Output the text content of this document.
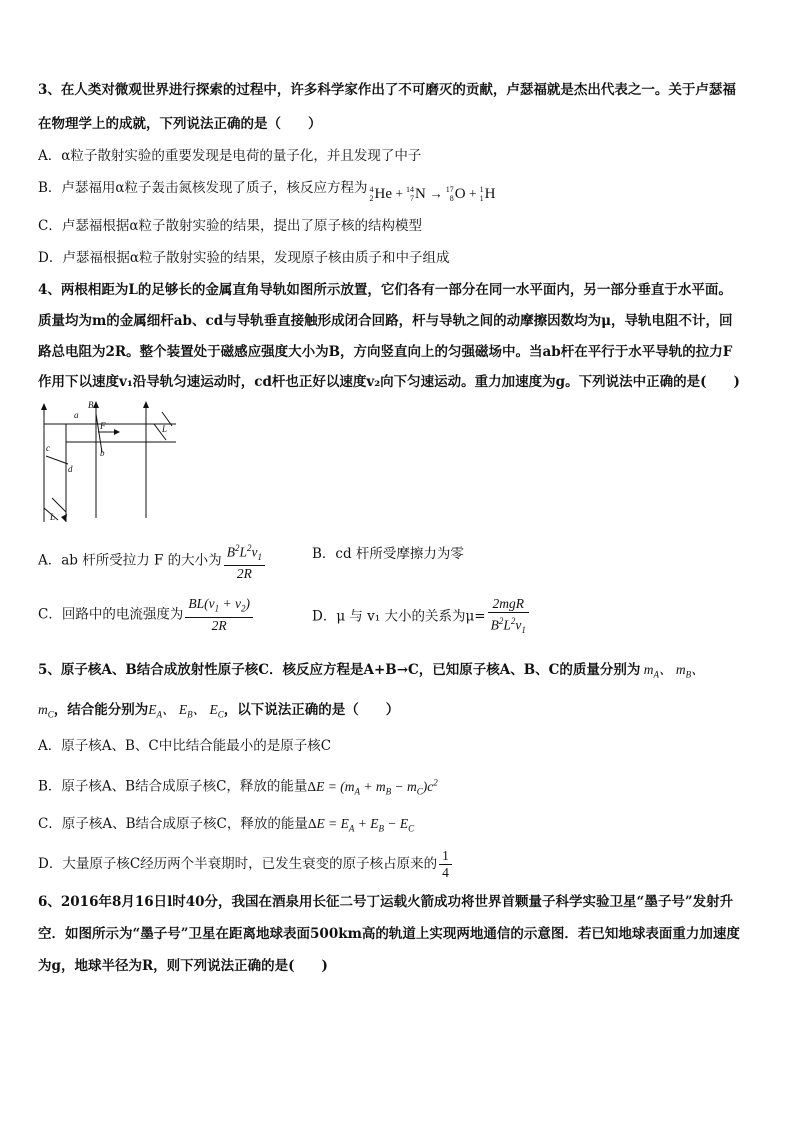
3、在人类对微观世界进行探索的过程中，许多科学家作出了不可磨灭的贡献，卢瑟福就是杰出代表之一。关于卢瑟福
在物理学上的成就，下列说法正确的是（　　）
A．α粒子散射实验的重要发现是电荷的量子化，并且发现了中子
B．卢瑟福用α粒子轰击氮核发现了质子，核反应方程为 4
2 He + 14
7 N → 17
8 O + 1
1 H
C．卢瑟福根据α粒子散射实验的结果，提出了原子核的结构模型
D．卢瑟福根据α粒子散射实验的结果，发现原子核由质子和中子组成
4、两根相距为L的足够长的金属直角导轨如图所示放置，它们各有一部分在同一水平面内，另一部分垂直于水平面。
质量均为m的金属细杆ab、cd与导轨垂直接触形成闭合回路，杆与导轨之间的动摩擦因数均为μ，导轨电阻不计，回
路总电阻为2R。整个装置处于磁感应强度大小为B，方向竖直向上的匀强磁场中。当ab杆在平行于水平导轨的拉力F
作用下以速度v₁沿导轨匀速运动时，cd杆也正好以速度v₂向下匀速运动。重力加速度为g。下列说法中正确的是(　　)
B
a
F	L
b
c
d
L
A．ab 杆所受拉力 F 的大小为 $\frac{B^2L^2v_1}{2R}$	B．cd 杆所受摩擦力为零
C．回路中的电流强度为 $\frac{BL(v_1 + v_2)}{2R}$	D．μ 与 v₁ 大小的关系为$\mu= \frac{\text{2mgR}}{B^2L^2v_1}$
5、原子核A、B结合成放射性原子核C．核反应方程是A+B→C，已知原子核A、B、C的质量分别为 $m_A$、 $m_B$、
$m_C$，结合能分别为$E_A$、 $E_B$、 $E_C$，以下说法正确的是（　　）
A．原子核A、B、C中比结合能最小的是原子核C
B．原子核A、B结合成原子核C，释放的能量$\Delta E = (m_A + m_B - m_C)c^2$
C．原子核A、B结合成原子核C，释放的能量$\Delta E = E_A + E_B - E_C$
D．大量原子核C经历两个半衰期时，已发生衰变的原子核占原来的 $\frac{1}{4}$
6、2016年8月16日l时40分，我国在酒泉用长征二号丁运载火箭成功将世界首颗量子科学实验卫星“墨子号”发射升
空．如图所示为“墨子号”卫星在距离地球表面500km高的轨道上实现两地通信的示意图．若已知地球表面重力加速度
为g，地球半径为R，则下列说法正确的是(　　)
